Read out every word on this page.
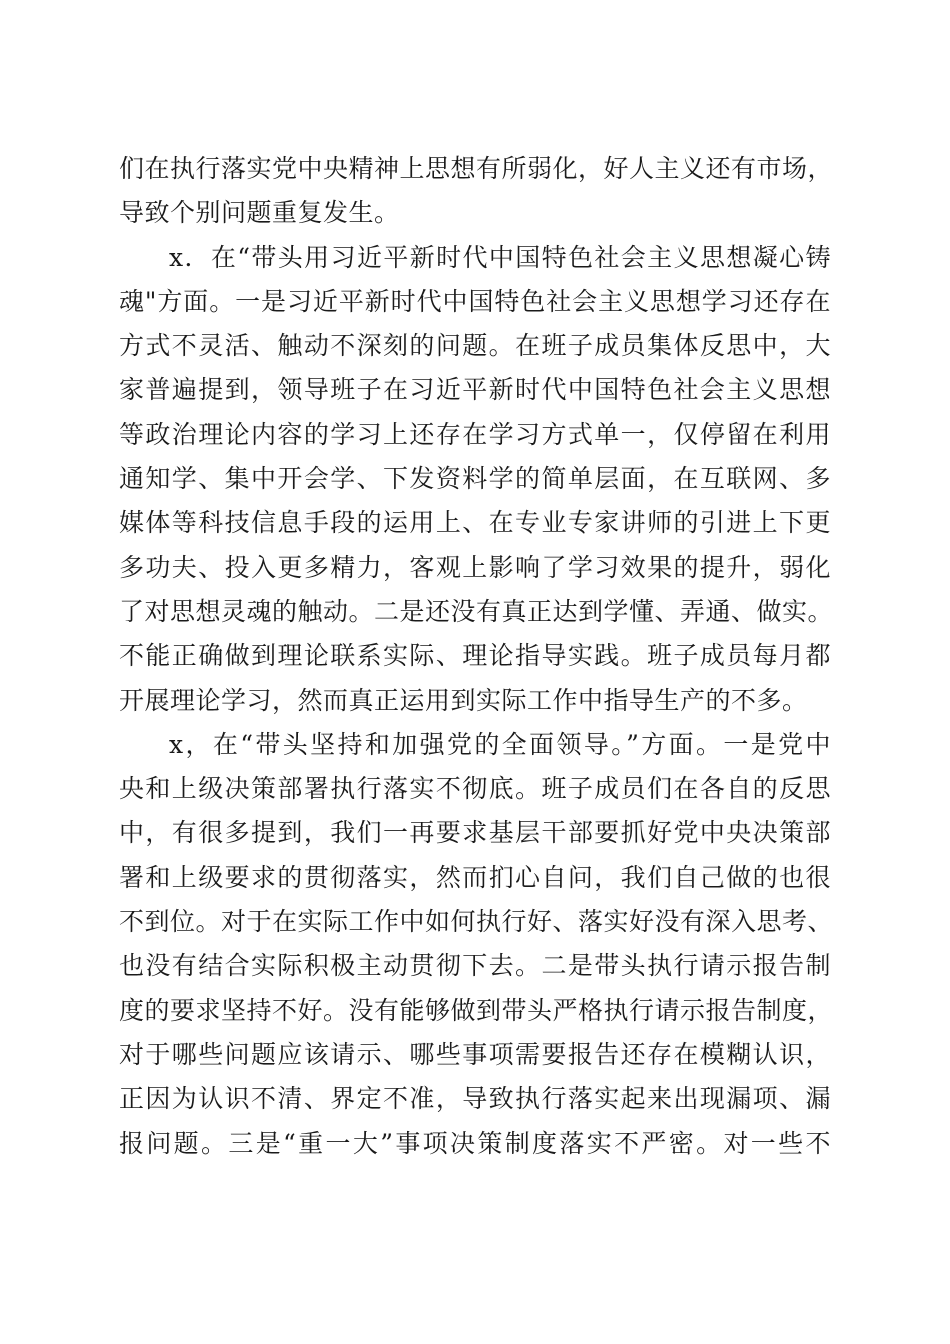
们在执行落实党中央精神上思想有所弱化，好人主义还有市场，
导致个别问题重复发生。
x．在“带头用习近平新时代中国特色社会主义思想凝心铸
魂"方面。一是习近平新时代中国特色社会主义思想学习还存在
方式不灵活、触动不深刻的问题。在班子成员集体反思中，大
家普遍提到，领导班子在习近平新时代中国特色社会主义思想
等政治理论内容的学习上还存在学习方式单一，仅停留在利用
通知学、集中开会学、下发资料学的简单层面，在互联网、多
媒体等科技信息手段的运用上、在专业专家讲师的引进上下更
多功夫、投入更多精力，客观上影响了学习效果的提升，弱化
了对思想灵魂的触动。二是还没有真正达到学懂、弄通、做实。
不能正确做到理论联系实际、理论指导实践。班子成员每月都
开展理论学习，然而真正运用到实际工作中指导生产的不多。
x，在“带头坚持和加强党的全面领导。”方面。一是党中
央和上级决策部署执行落实不彻底。班子成员们在各自的反思
中，有很多提到，我们一再要求基层干部要抓好党中央决策部
署和上级要求的贯彻落实，然而扪心自问，我们自己做的也很
不到位。对于在实际工作中如何执行好、落实好没有深入思考、
也没有结合实际积极主动贯彻下去。二是带头执行请示报告制
度的要求坚持不好。没有能够做到带头严格执行请示报告制度，
对于哪些问题应该请示、哪些事项需要报告还存在模糊认识，
正因为认识不清、界定不准，导致执行落实起来出现漏项、漏
报问题。三是“重一大”事项决策制度落实不严密。对一些不
